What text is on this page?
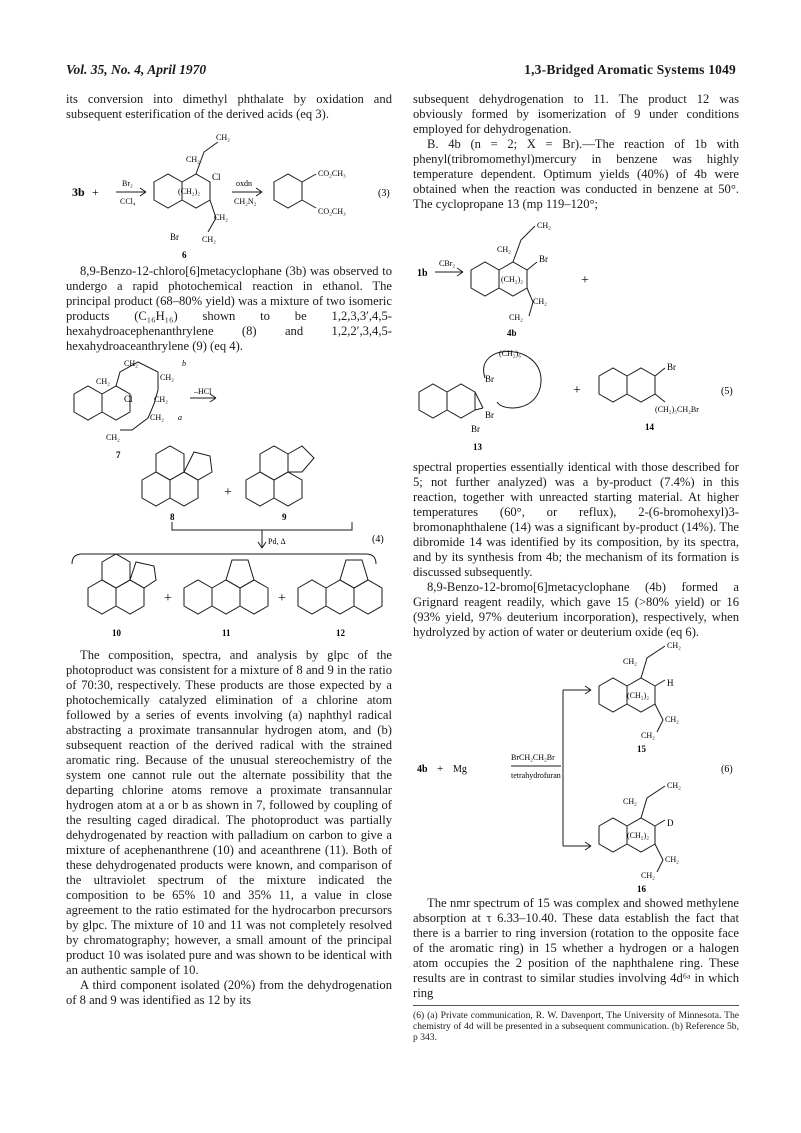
Vol. 35, No. 4, April 1970	1,3-Bridged Aromatic Systems 1049

its conversion into dimethyl phthalate by oxidation and subsequent esterification of the derived acids (eq 3).

3b +
Br₂
CCl₄
oxdn
CH₂N₂
CH₂
CH₂
Cl
(CH₂)₂
CH₂
Br	CH₂
CO₂CH₃
CO₂CH₃
(3)
6

8,9-Benzo-12-chloro[6]metacyclophane (3b) was observed to undergo a rapid photochemical reaction in ethanol. The principal product (68–80% yield) was a mixture of two isomeric products (C₁₆H₁₆) shown to be 1,2,3,3′,4,5-hexahydroacephenanthrylene (8) and 1,2,2′,3,4,5-hexahydroaceanthrylene (9) (eq 4).

CH₂
CH₂	b
CH₂
Cl	CH₂
CH₂ a
CH₂
–HCl
7
+
8	9
Pd, Δ	(4)
+	+
10	11	12

The composition, spectra, and analysis by glpc of the photoproduct was consistent for a mixture of 8 and 9 in the ratio of 70:30, respectively. These products are those expected by a photochemically catalyzed elimination of a chlorine atom followed by a series of events involving (a) naphthyl radical abstracting a proximate transannular hydrogen atom, and (b) subsequent reaction of the derived radical with the strained aromatic ring. Because of the unusual stereochemistry of the system one cannot rule out the alternate possibility that the departing chlorine atoms remove a proximate transannular hydrogen atom at a or b as shown in 7, followed by coupling of the resulting caged diradical. The photoproduct was partially dehydrogenated by reaction with palladium on carbon to give a mixture of acephenanthrene (10) and aceanthrene (11). Both of these dehydrogenated products were known, and comparison of the ultraviolet spectrum of the mixture indicated the composition to be 65% 10 and 35% 11, a value in close agreement to the ratio estimated for the hydrocarbon precursors by glpc. The mixture of 10 and 11 was not completely resolved by chromatography; however, a small amount of the principal product 10 was isolated pure and was shown to be identical with an authentic sample of 10.

A third component isolated (20%) from the dehydrogenation of 8 and 9 was identified as 12 by its

subsequent dehydrogenation to 11. The product 12 was obviously formed by isomerization of 9 under conditions employed for dehydrogenation.

B. 4b (n = 2; X = Br).—The reaction of 1b with phenyl(tribromomethyl)mercury in benzene was highly temperature dependent. Optimum yields (40%) of 4b were obtained when the reaction was conducted in benzene at 50°. The cyclopropane 13 (mp 119–120°;

1b
CBr₂
CH₂
CH₂
Br
(CH₂)₂
CH₂
CH₂
+
4b
(CH₂)₆
Br
Br
Br
+
Br
(CH₂)₅CH₂Br
(5)
13
14

spectral properties essentially identical with those described for 5; not further analyzed) was a by-product (7.4%) in this reaction, together with unreacted starting material. At higher temperatures (60°, or reflux), 2-(6-bromohexyl)3-bromonaphthalene (14) was a significant by-product (14%). The dibromide 14 was identified by its composition, by its spectra, and by its synthesis from 4b; the mechanism of its formation is discussed subsequently.

8,9-Benzo-12-bromo[6]metacyclophane (4b) formed a Grignard reagent readily, which gave 15 (>80% yield) or 16 (93% yield, 97% deuterium incorporation), respectively, when hydrolyzed by action of water or deuterium oxide (eq 6).

4b + Mg
BrCH₂CH₂Br
tetrahydrofuran
CH₂
CH₂
H
(CH₂)₂
CH₂
CH₂
15
(6)
CH₂
CH₂
D
(CH₂)₂
CH₂
CH₂
16

The nmr spectrum of 15 was complex and showed methylene absorption at τ 6.33–10.40. These data establish the fact that there is a barrier to ring inversion (rotation to the opposite face of the aromatic ring) in 15 whether a hydrogen or a halogen atom occupies the 2 position of the naphthalene ring. These results are in contrast to similar studies involving 4d⁶ᵃ in which ring

(6) (a) Private communication, R. W. Davenport, The University of Minnesota. The chemistry of 4d will be presented in a subsequent communication. (b) Reference 5b, p 343.
